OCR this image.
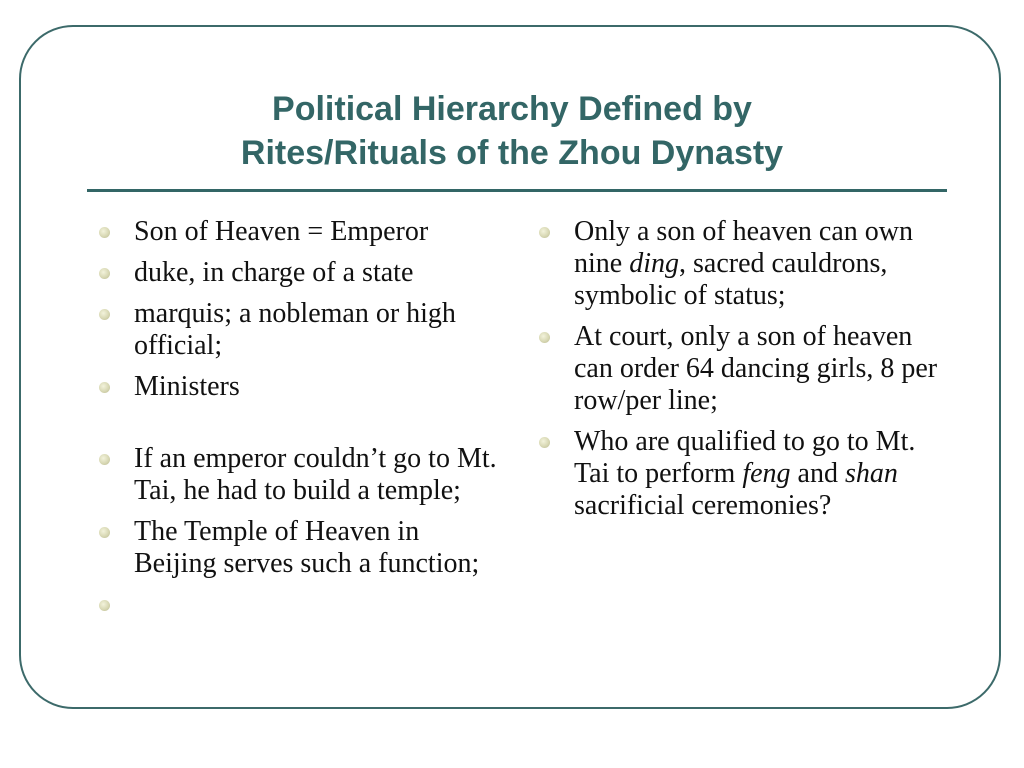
Political Hierarchy Defined by
Rites/Rituals of the Zhou Dynasty
Son of Heaven = Emperor
duke, in charge of a state
marquis; a nobleman or high official;
Ministers
If an emperor couldn’t go to Mt. Tai, he had to build a temple;
The Temple of Heaven in Beijing serves such a function;
Only a son of heaven can own nine ding, sacred cauldrons, symbolic of status;
At court, only a son of heaven can order 64 dancing girls, 8 per row/per line;
Who are qualified to go to Mt. Tai to perform feng and shan sacrificial ceremonies?
